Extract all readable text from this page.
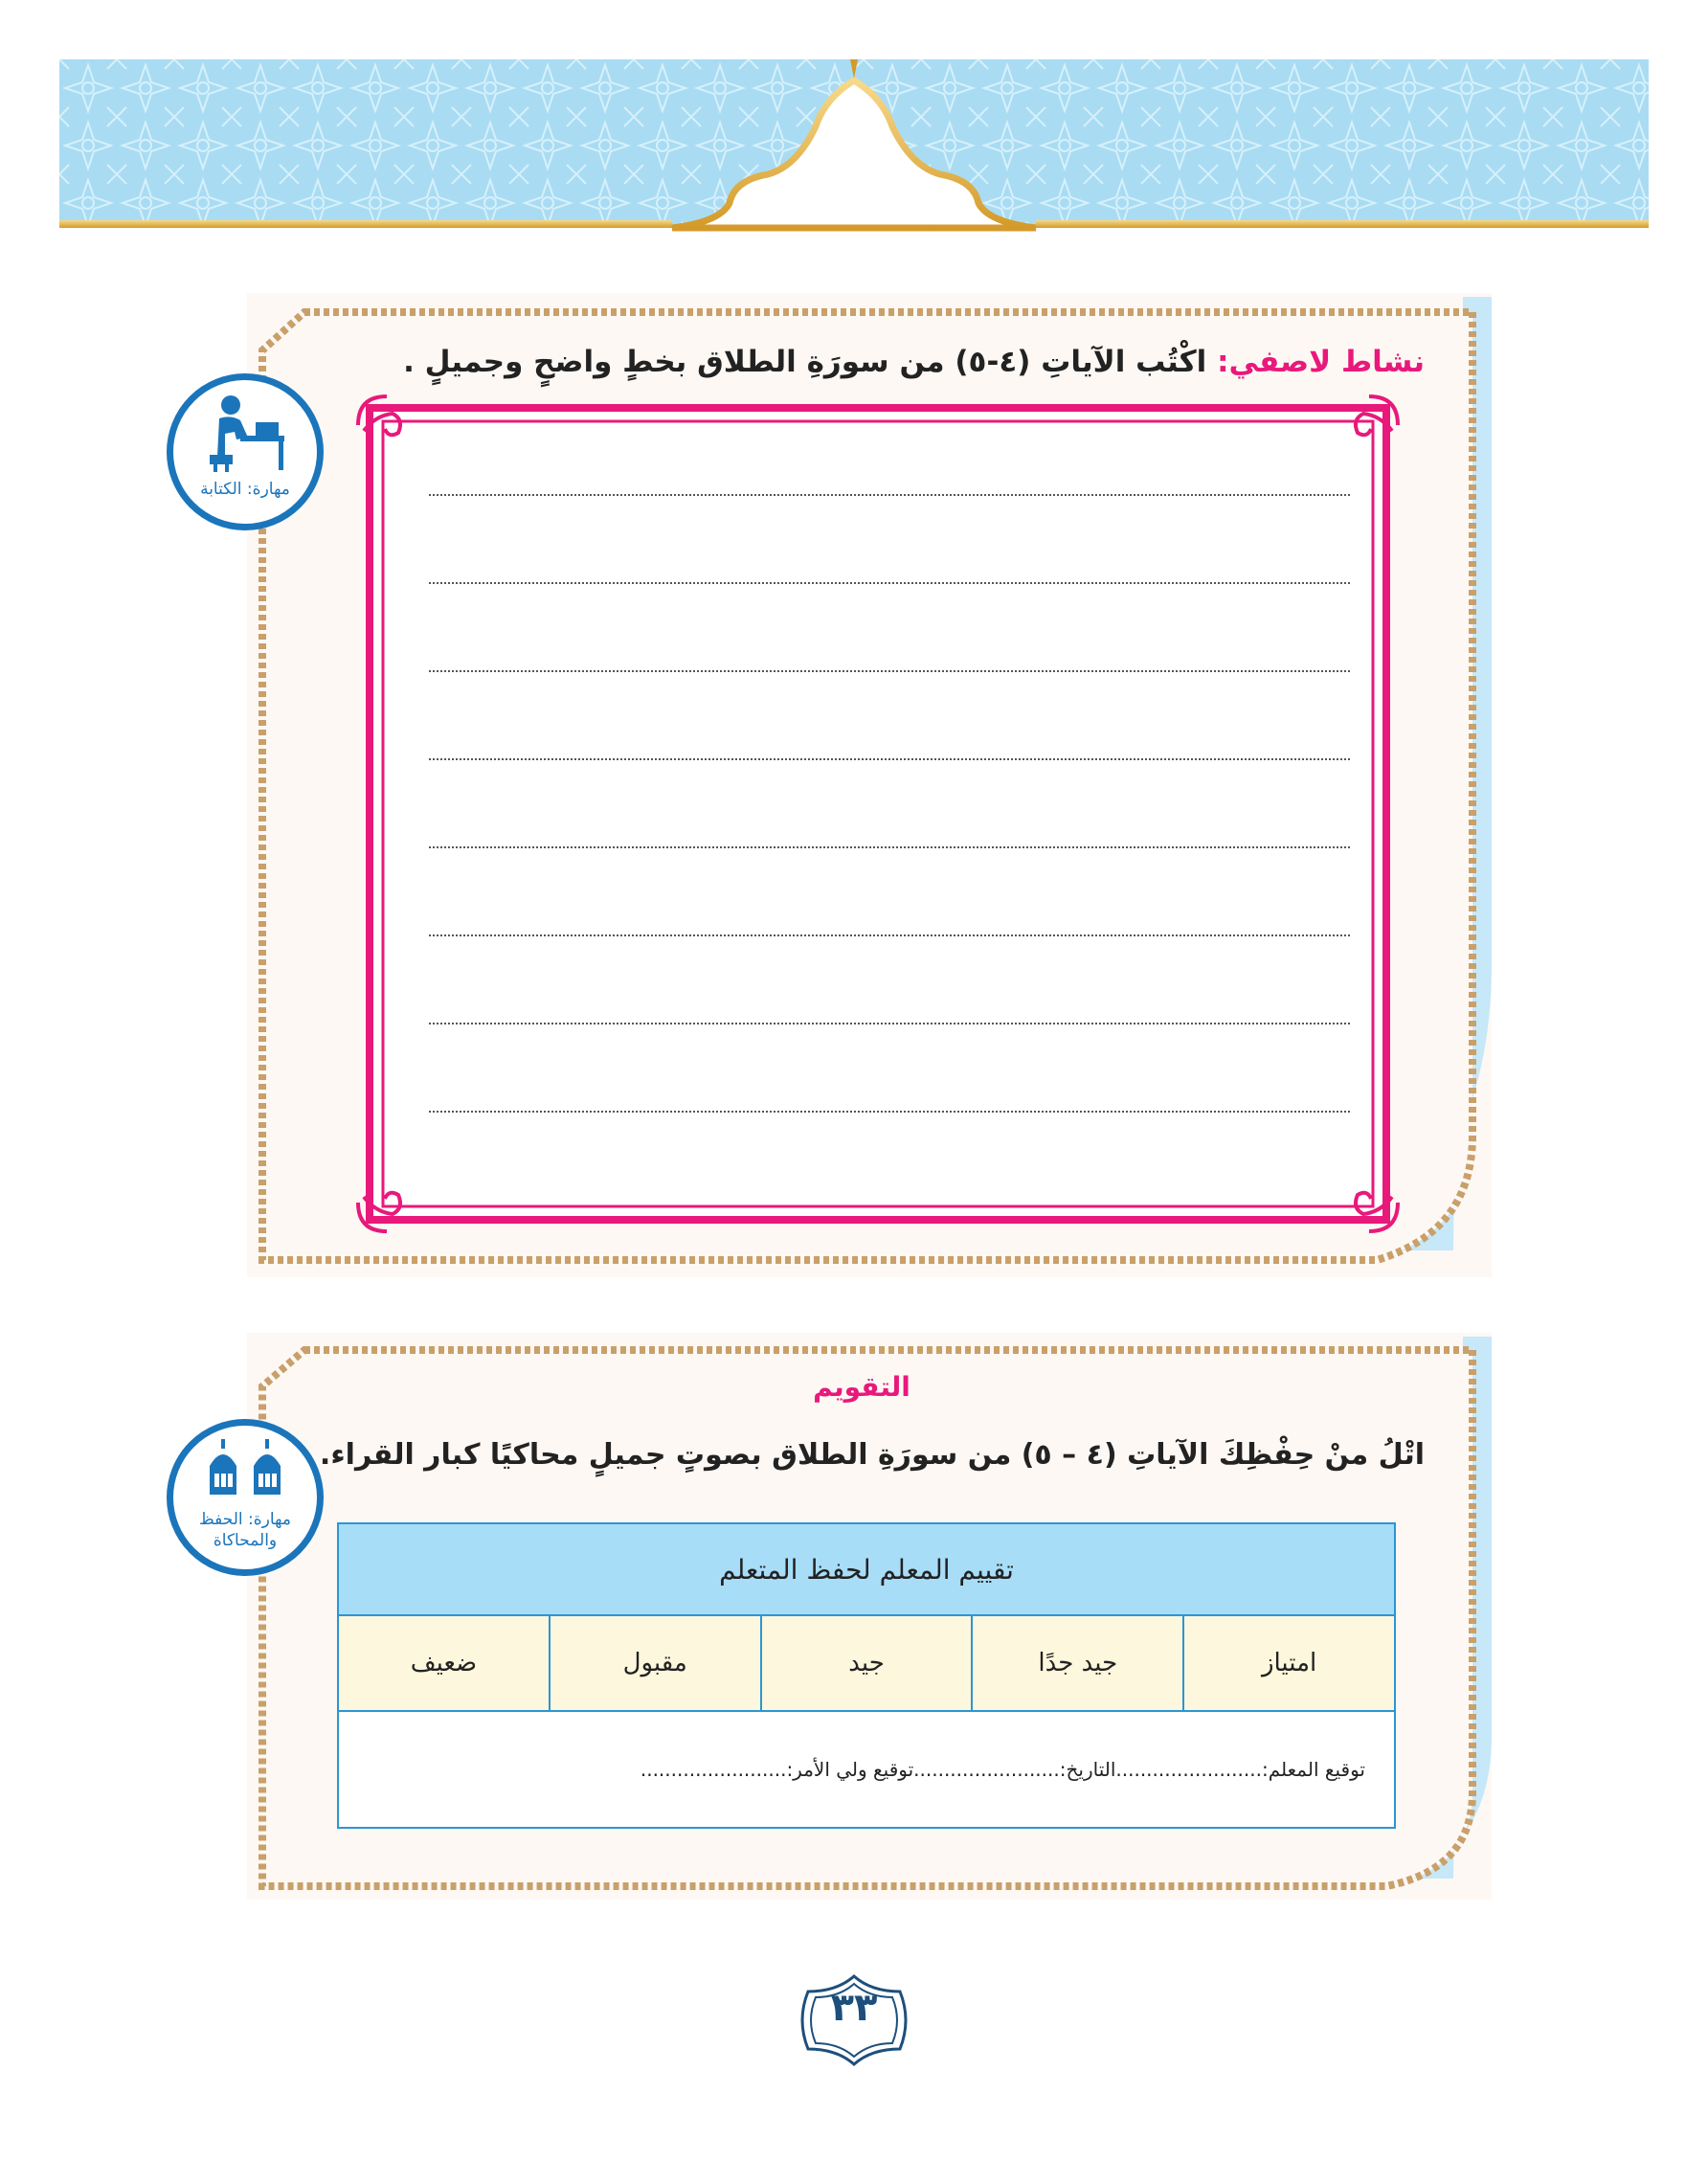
مهارة: الكتابة
نشاط لاصفي: اكْتُب الآياتِ (٤-٥) من سورَةِ الطلاق بخطٍ واضحٍ وجميلٍ .
مهارة: الحفظ
والمحاكاة
التقويم
اتْلُ منْ حِفْظِكَ الآياتِ (٤ – ٥) من سورَةِ الطلاق بصوتٍ جميلٍ محاكيًا كبار القراء.
تقييم المعلم لحفظ المتعلم
امتياز	جيد جدًا	جيد	مقبول	ضعيف
توقيع المعلم:........................التاريخ:........................توقيع ولي الأمر:........................
٣٣
